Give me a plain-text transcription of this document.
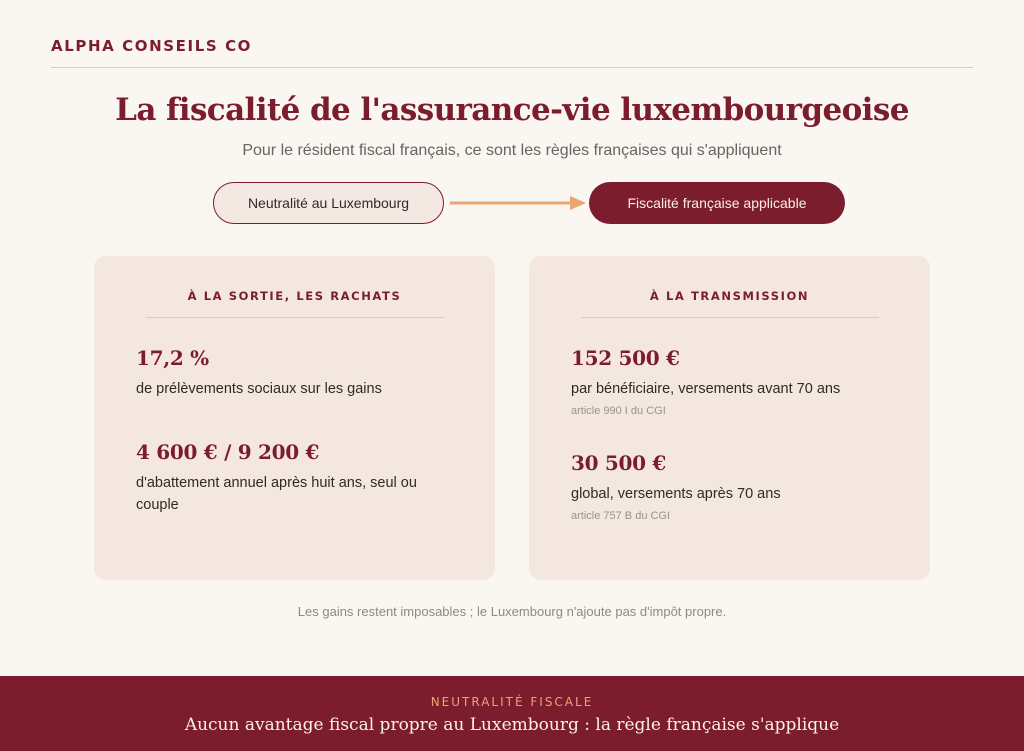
ALPHA CONSEILS CO
La fiscalité de l'assurance-vie luxembourgeoise

Pour le résident fiscal français, ce sont les règles françaises qui s'appliquent

Neutralité au Luxembourg	Fiscalité française applicable
À LA SORTIE, LES RACHATS
17,2 %
de prélèvements sociaux sur les gains
4 600 € / 9 200 €
d'abattement annuel après huit ans, seul ou couple
À LA TRANSMISSION
152 500 €
par bénéficiaire, versements avant 70 ans
article 990 I du CGI
30 500 €
global, versements après 70 ans
article 757 B du CGI

Les gains restent imposables ; le Luxembourg n'ajoute pas d'impôt propre.

NEUTRALITÉ FISCALE
Aucun avantage fiscal propre au Luxembourg : la règle française s'applique
